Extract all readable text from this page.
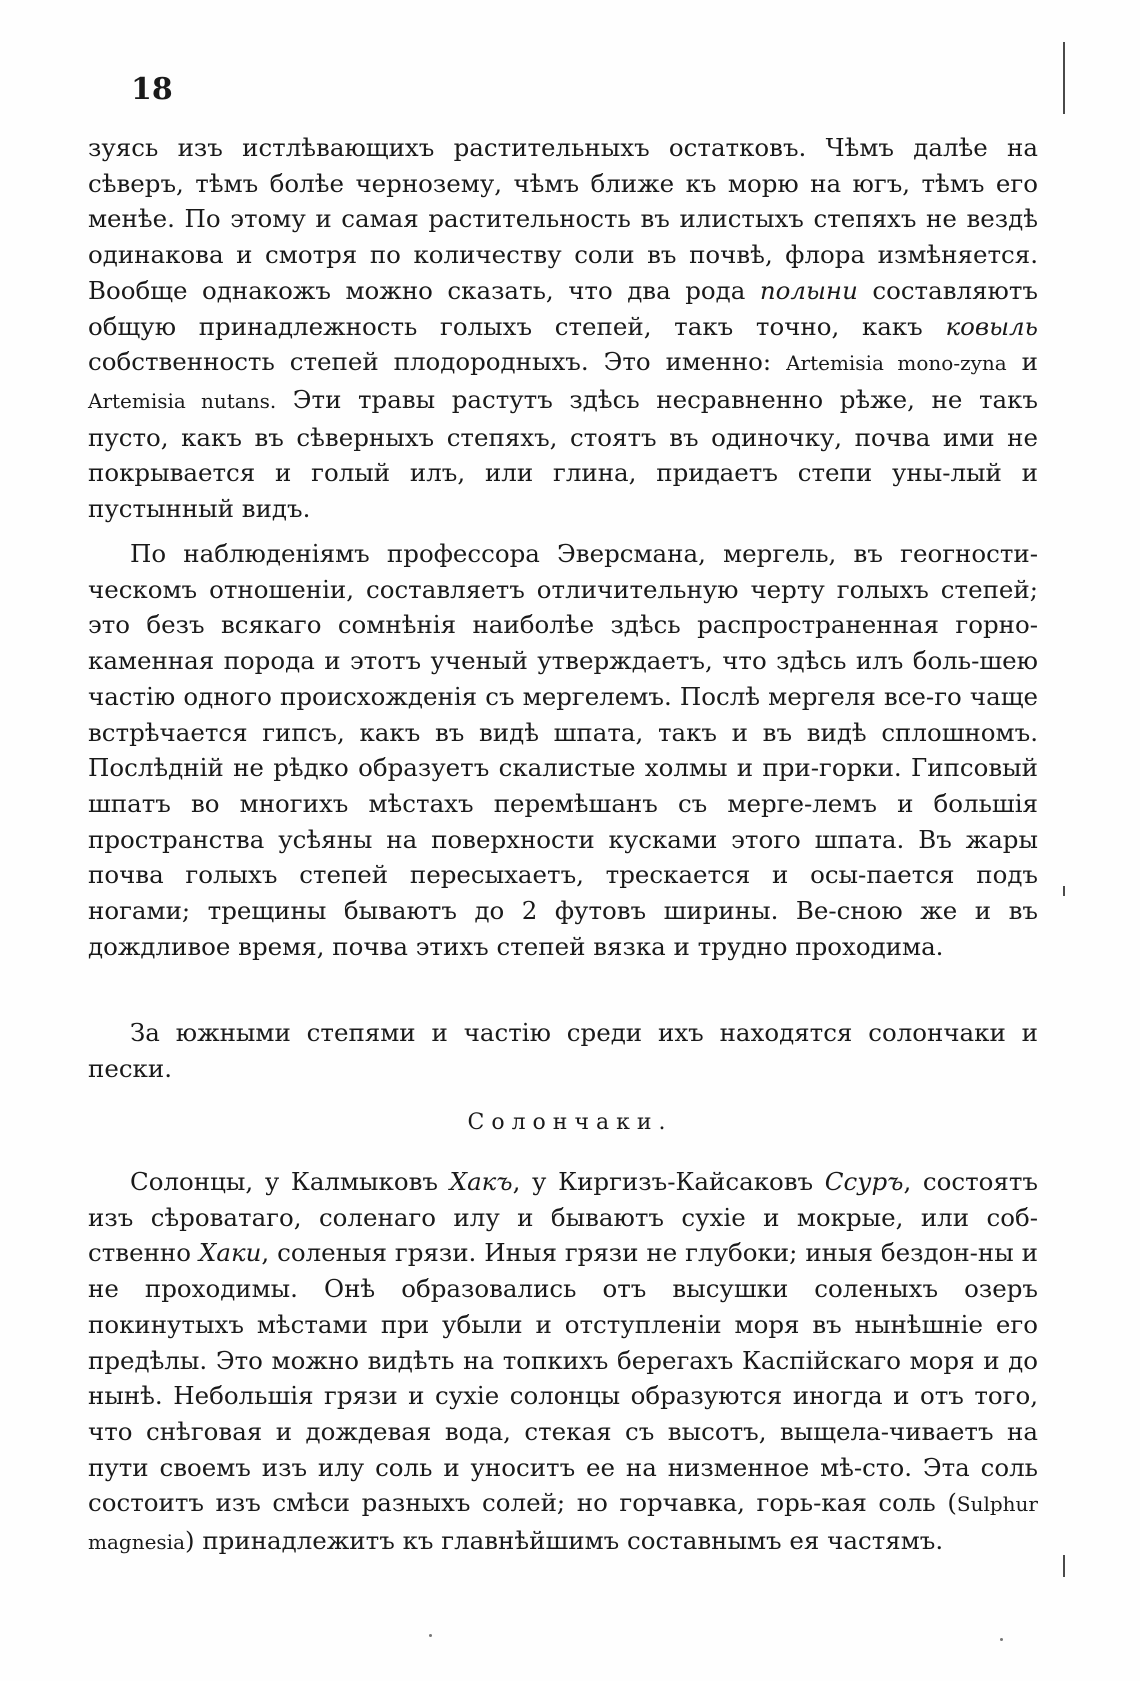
18

зуясь изъ истлѣвающихъ растительныхъ остатковъ. Чѣмъ далѣе на сѣверъ, тѣмъ болѣе чернозему, чѣмъ ближе къ морю на югъ, тѣмъ его менѣе. По этому и самая растительность въ илистыхъ степяхъ не вездѣ одинакова и смотря по количеству соли въ почвѣ, флора измѣняется. Вообще однакожъ можно сказать, что два рода полыни составляютъ общую принадлежность голыхъ степей, такъ точно, какъ ковыль собственность степей плодородныхъ. Это именно: Artemisia mono-zyna и Artemisia nutans. Эти травы растутъ здѣсь несравненно рѣже, не такъ пусто, какъ въ сѣверныхъ степяхъ, стоятъ въ одиночку, почва ими не покрывается и голый илъ, или глина, придаетъ степи уны-лый и пустынный видъ.

По наблюденіямъ профессора Эверсмана, мергель, въ геогности-ческомъ отношеніи, составляетъ отличительную черту голыхъ степей; это безъ всякаго сомнѣнія наиболѣе здѣсь распространенная горно-каменная порода и этотъ ученый утверждаетъ, что здѣсь илъ боль-шею частію одного происхожденія съ мергелемъ. Послѣ мергеля все-го чаще встрѣчается гипсъ, какъ въ видѣ шпата, такъ и въ видѣ сплошномъ. Послѣдній не рѣдко образуетъ скалистые холмы и при-горки. Гипсовый шпатъ во многихъ мѣстахъ перемѣшанъ съ мерге-лемъ и большія пространства усѣяны на поверхности кусками этого шпата. Въ жары почва голыхъ степей пересыхаетъ, трескается и осы-пается подъ ногами; трещины бываютъ до 2 футовъ ширины. Ве-сною же и въ дождливое время, почва этихъ степей вязка и трудно проходима.

За южными степями и частію среди ихъ находятся солончаки и пески.

Солончаки.

Солонцы, у Калмыковъ Хакъ, у Киргизъ-Кайсаковъ Ссуръ, состоятъ изъ сѣроватаго, соленаго илу и бываютъ сухіе и мокрые, или соб-ственно Хаки, соленыя грязи. Иныя грязи не глубоки; иныя бездон-ны и не проходимы. Онѣ образовались отъ высушки соленыхъ озеръ покинутыхъ мѣстами при убыли и отступленіи моря въ нынѣшніе его предѣлы. Это можно видѣть на топкихъ берегахъ Каспійскаго моря и до нынѣ. Небольшія грязи и сухіе солонцы образуются иногда и отъ того, что снѣговая и дождевая вода, стекая съ высотъ, выщела-чиваетъ на пути своемъ изъ илу соль и уноситъ ее на низменное мѣ-сто. Эта соль состоитъ изъ смѣси разныхъ солей; но горчавка, горь-кая соль (Sulphur magnesia) принадлежитъ къ главнѣйшимъ составнымъ ея частямъ.
